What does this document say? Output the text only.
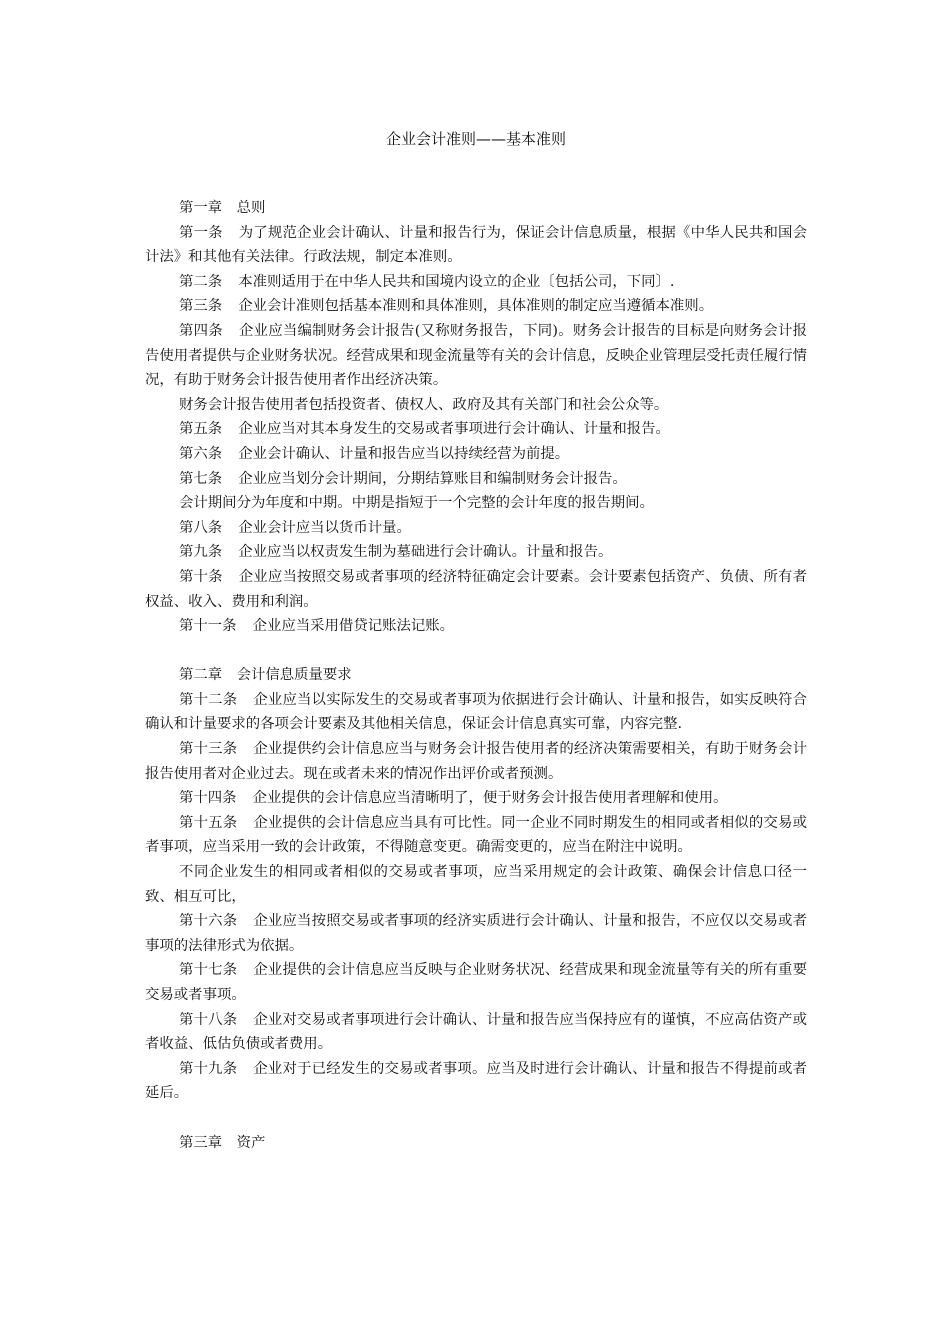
企业会计准则——基本准则

第一章　总则

第一条 为了规范企业会计确认、计量和报告行为，保证会计信息质量，根据《中华人民共和国会计法》和其他有关法律。行政法规，制定本准则。

第二条 本准则适用于在中华人民共和国境内设立的企业〔包括公司，下同〕.

第三条 企业会计准则包括基本准则和具体准则，具体准则的制定应当遵循本准则。

第四条 企业应当编制财务会计报告(又称财务报告，下同)。财务会计报告的目标是向财务会计报告使用者提供与企业财务状况。经营成果和现金流量等有关的会计信息，反映企业管理层受托责任履行情况，有助于财务会计报告使用者作出经济决策。

财务会计报告使用者包括投资者、债权人、政府及其有关部门和社会公众等。

第五条 企业应当对其本身发生的交易或者事项进行会计确认、计量和报告。

第六条 企业会计确认、计量和报告应当以持续经营为前提。

第七条 企业应当划分会计期间，分期结算账目和编制财务会计报告。

会计期间分为年度和中期。中期是指短于一个完整的会计年度的报告期间。

第八条 企业会计应当以货币计量。

第九条 企业应当以权责发生制为墓础进行会计确认。计量和报告。

第十条 企业应当按照交易或者事项的经济特征确定会计要素。会计要素包括资产、负债、所有者权益、收入、费用和利润。

第十一条 企业应当采用借贷记账法记账。

第二章　会计信息质量要求

第十二条 企业应当以实际发生的交易或者事项为依据进行会计确认、计量和报告，如实反映符合确认和计量要求的各项会计要素及其他相关信息，保证会计信息真实可靠，内容完整.

第十三条 企业提供约会计信息应当与财务会计报告使用者的经济决策需要相关，有助于财务会计报告使用者对企业过去。现在或者未来的情况作出评价或者预测。

第十四条 企业提供的会计信息应当清晰明了，便于财务会计报告使用者理解和使用。

第十五条 企业提供的会计信息应当具有可比性。同一企业不同时期发生的相同或者相似的交易或者事项，应当采用一致的会计政策，不得随意变更。确需变更的，应当在附注中说明。

不同企业发生的相同或者相似的交易或者事项，应当采用规定的会计政策、确保会计信息口径一致、相互可比，

第十六条 企业应当按照交易或者事项的经济实质进行会计确认、计量和报告，不应仅以交易或者事项的法律形式为依据。

第十七条 企业提供的会计信息应当反映与企业财务状况、经营成果和现金流量等有关的所有重要交易或者事项。

第十八条 企业对交易或者事项进行会计确认、计量和报告应当保持应有的谨慎，不应高估资产或者收益、低估负债或者费用。

第十九条 企业对于已经发生的交易或者事项。应当及时进行会计确认、计量和报告不得提前或者延后。

第三章　资产
